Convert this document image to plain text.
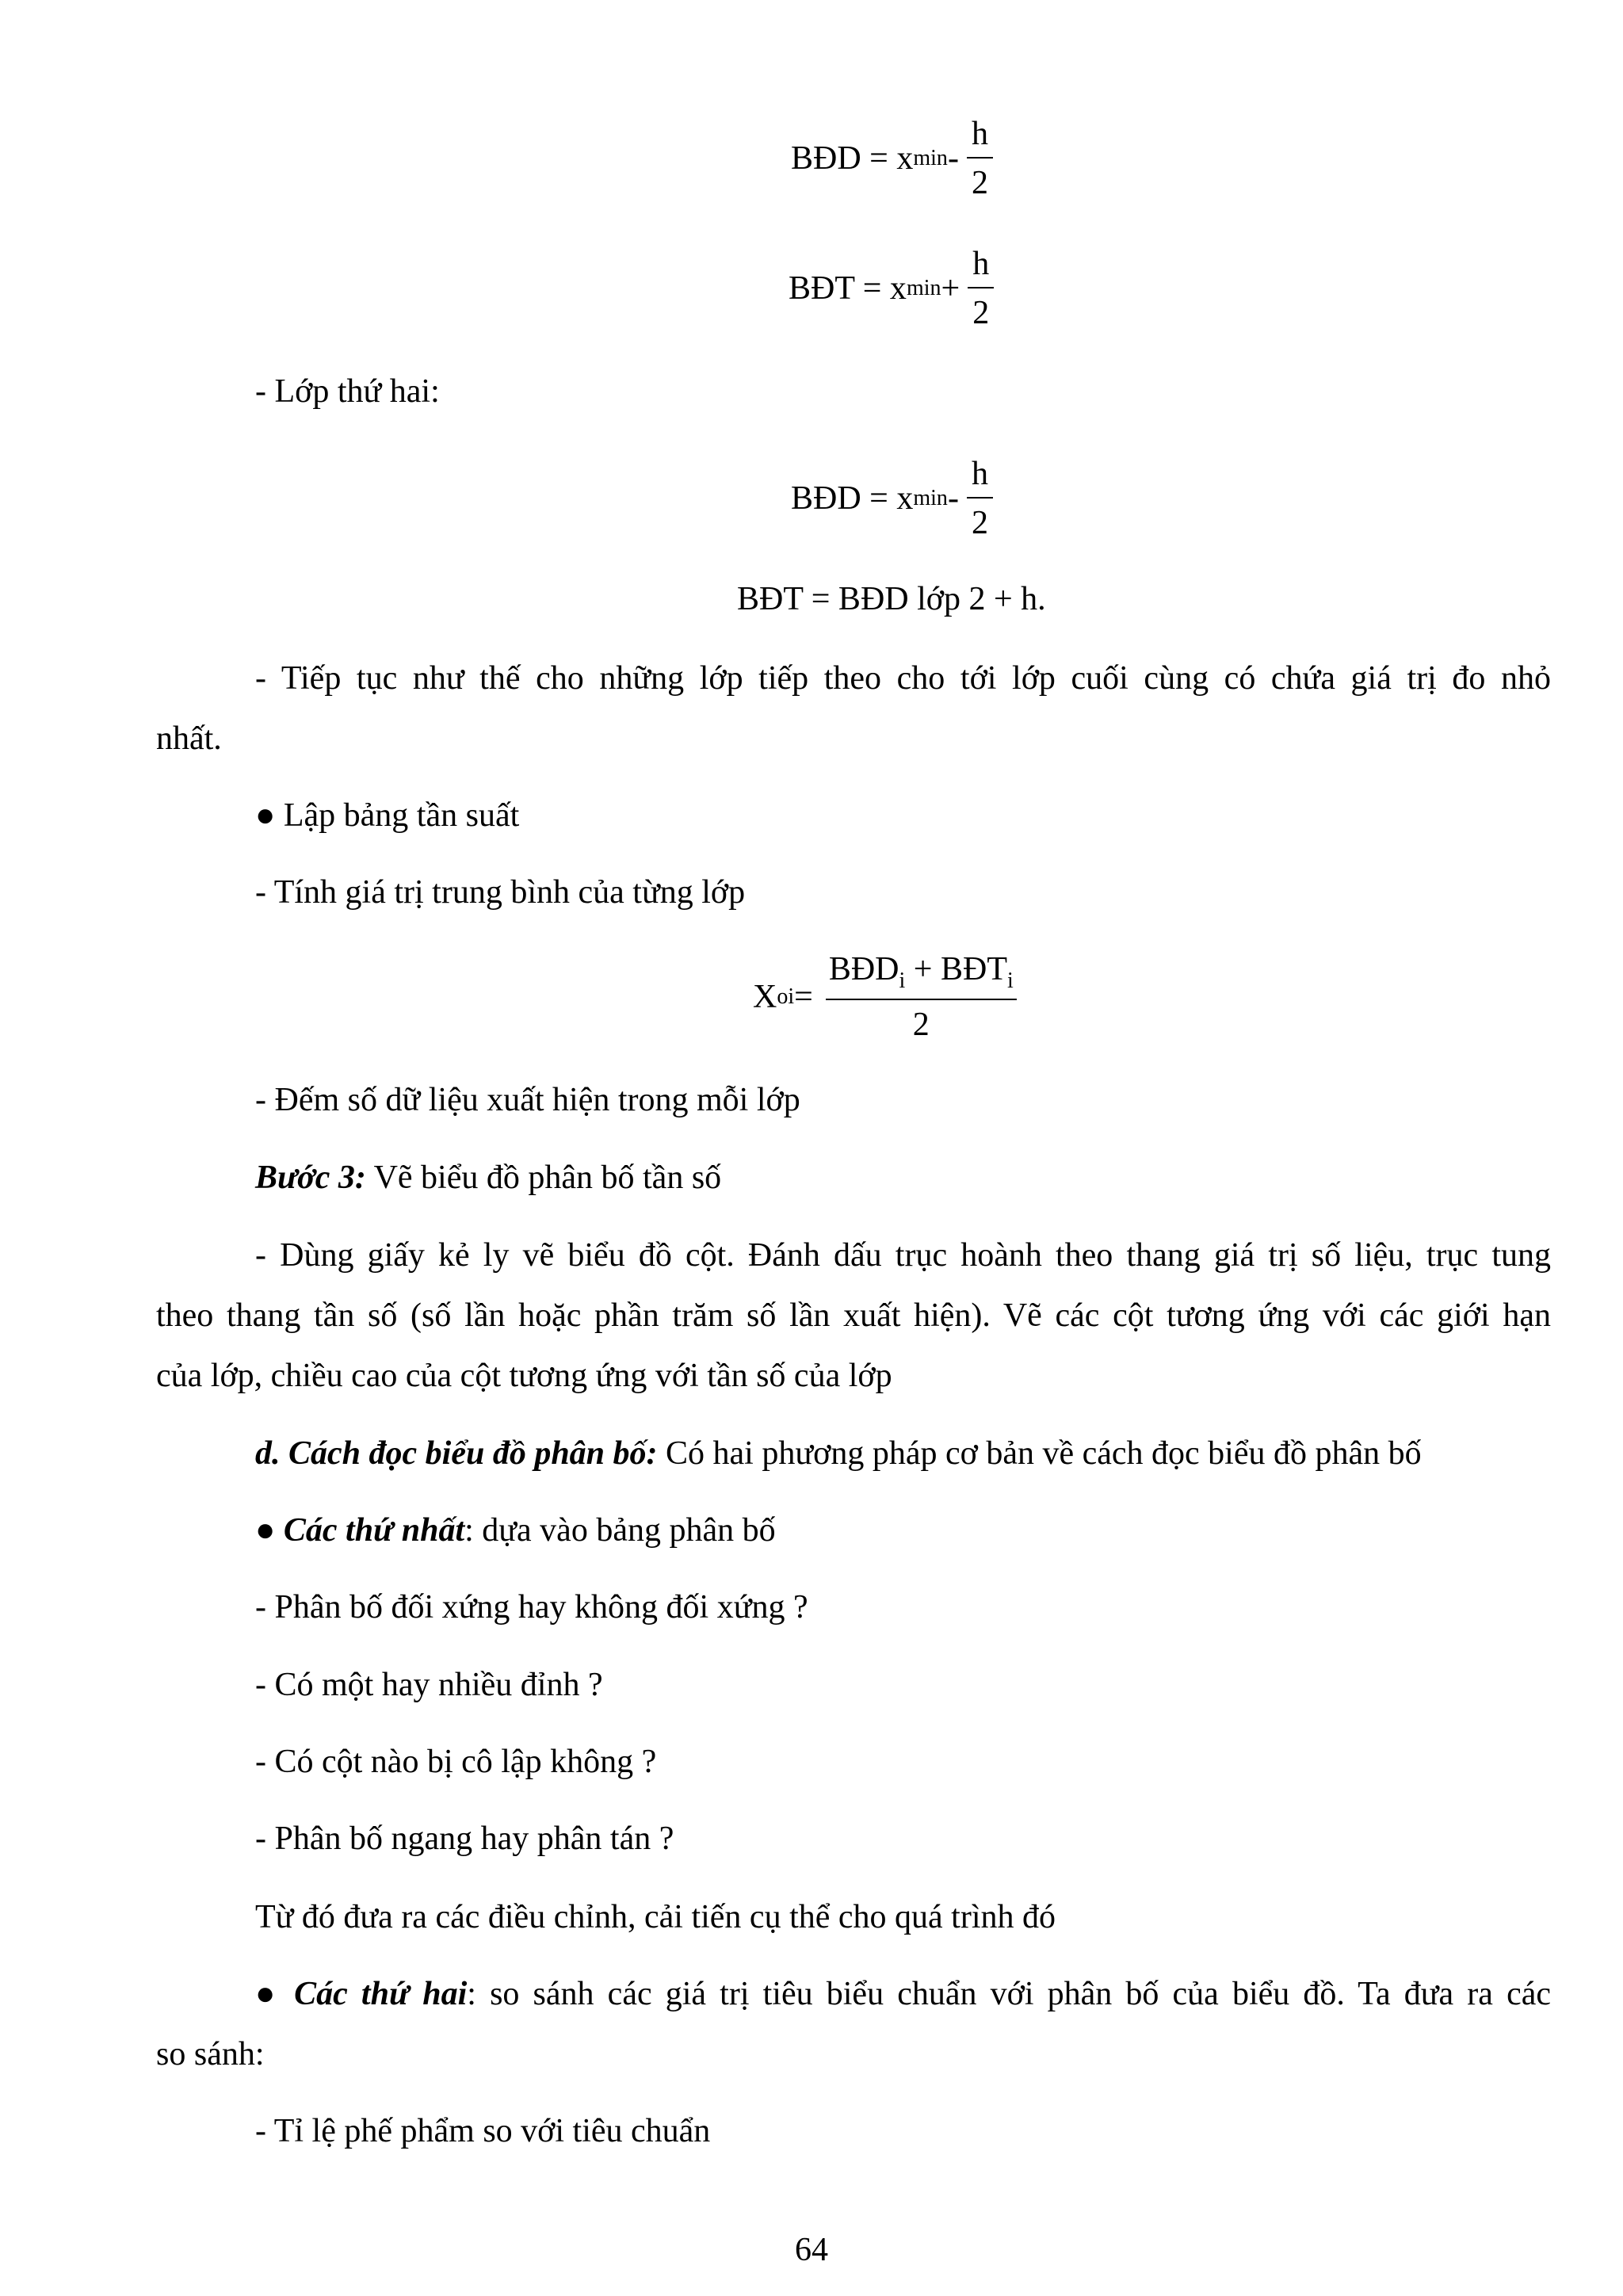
BĐD = x min - $\frac{h}{2}$
BĐT = x $\min + \frac{h}{2}$
- Lớp thứ hai:
BĐD = x min - $\frac{h}{2}$
BĐT = BĐD lớp 2 + h.
- Tiếp tục như thế cho những lớp tiếp theo cho tới lớp cuối cùng có chứa giá trị đo nhỏ
nhất.
● Lập bảng tần suất
- Tính giá trị trung bình của từng lớp
X oi = $\frac{BĐD_i + BĐT_i}{2}$
- Đếm số dữ liệu xuất hiện trong mỗi lớp
Bước 3: Vẽ biểu đồ phân bố tần số
- Dùng giấy kẻ ly vẽ biểu đồ cột. Đánh dấu trục hoành theo thang giá trị số liệu, trục tung
theo thang tần số (số lần hoặc phần trăm số lần xuất hiện). Vẽ các cột tương ứng với các giới hạn
của lớp, chiều cao của cột tương ứng với tần số của lớp
d. Cách đọc biểu đồ phân bố: Có hai phương pháp cơ bản về cách đọc biểu đồ phân bố
● Các thứ nhất: dựa vào bảng phân bố
- Phân bố đối xứng hay không đối xứng ?
- Có một hay nhiều đỉnh ?
- Có cột nào bị cô lập không ?
- Phân bố ngang hay phân tán ?
Từ đó đưa ra các điều chỉnh, cải tiến cụ thể cho quá trình đó
● Các thứ hai: so sánh các giá trị tiêu biểu chuẩn với phân bố của biểu đồ. Ta đưa ra các
so sánh:
- Tỉ lệ phế phẩm so với tiêu chuẩn
64
